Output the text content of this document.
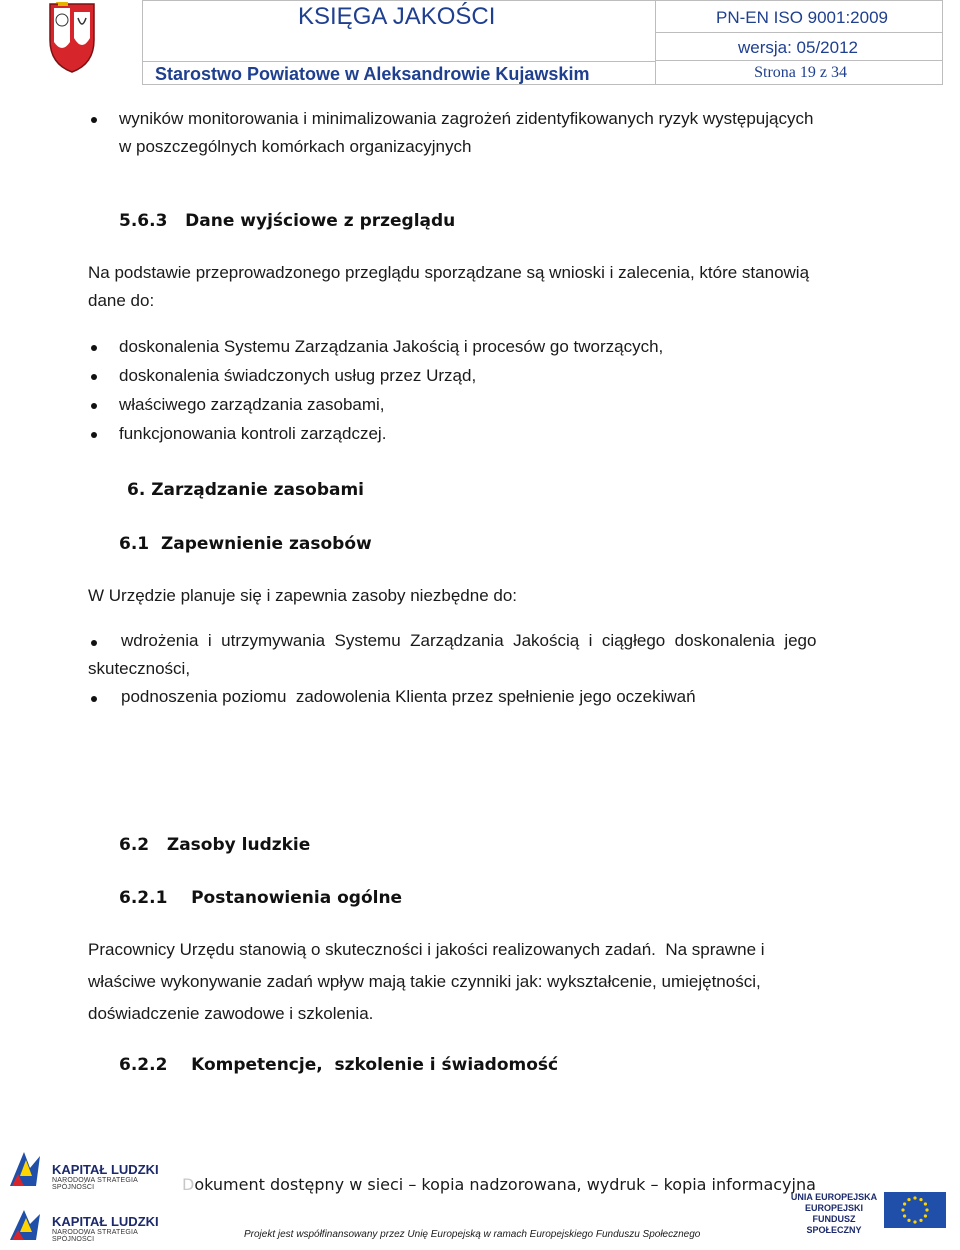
KSIĘGA JAKOŚCI	PN-EN ISO 9001:2009
wersja: 05/2012
Starostwo Powiatowe w Aleksandrowie Kujawskim	Strona 19 z 34
wyników monitorowania i minimalizowania zagrożeń zidentyfikowanych ryzyk występujących
w poszczególnych komórkach organizacyjnych
5.6.3   Dane wyjściowe z przeglądu
Na podstawie przeprowadzonego przeglądu sporządzane są wnioski i zalecenia, które stanowią
dane do:
doskonalenia Systemu Zarządzania Jakością i procesów go tworzących,
doskonalenia świadczonych usług przez Urząd,
właściwego zarządzania zasobami,
funkcjonowania kontroli zarządczej.
6. Zarządzanie zasobami
6.1  Zapewnienie zasobów
W Urzędzie planuje się i zapewnia zasoby niezbędne do:
wdrożenia  i  utrzymywania  Systemu  Zarządzania  Jakością  i  ciągłego  doskonalenia  jego
skuteczności,
podnoszenia poziomu  zadowolenia Klienta przez spełnienie jego oczekiwań
6.2   Zasoby ludzkie
6.2.1    Postanowienia ogólne
Pracownicy Urzędu stanowią o skuteczności i jakości realizowanych zadań.  Na sprawne i
właściwe wykonywanie zadań wpływ mają takie czynniki jak: wykształcenie, umiejętności,
doświadczenie zawodowe i szkolenia.
6.2.2    Kompetencje,  szkolenie i świadomość
KAPITAŁ LUDZKI
NARODOWA STRATEGIA SPÓJNOŚCI
KAPITAŁ LUDZKI
NARODOWA STRATEGIA SPÓJNOŚCI
Dokument dostępny w sieci – kopia nadzorowana, wydruk – kopia informacyjna
Projekt jest współfinansowany przez Unię Europejską w ramach Europejskiego Funduszu Społecznego
UNIA EUROPEJSKA
EUROPEJSKI
FUNDUSZ SPOŁECZNY
